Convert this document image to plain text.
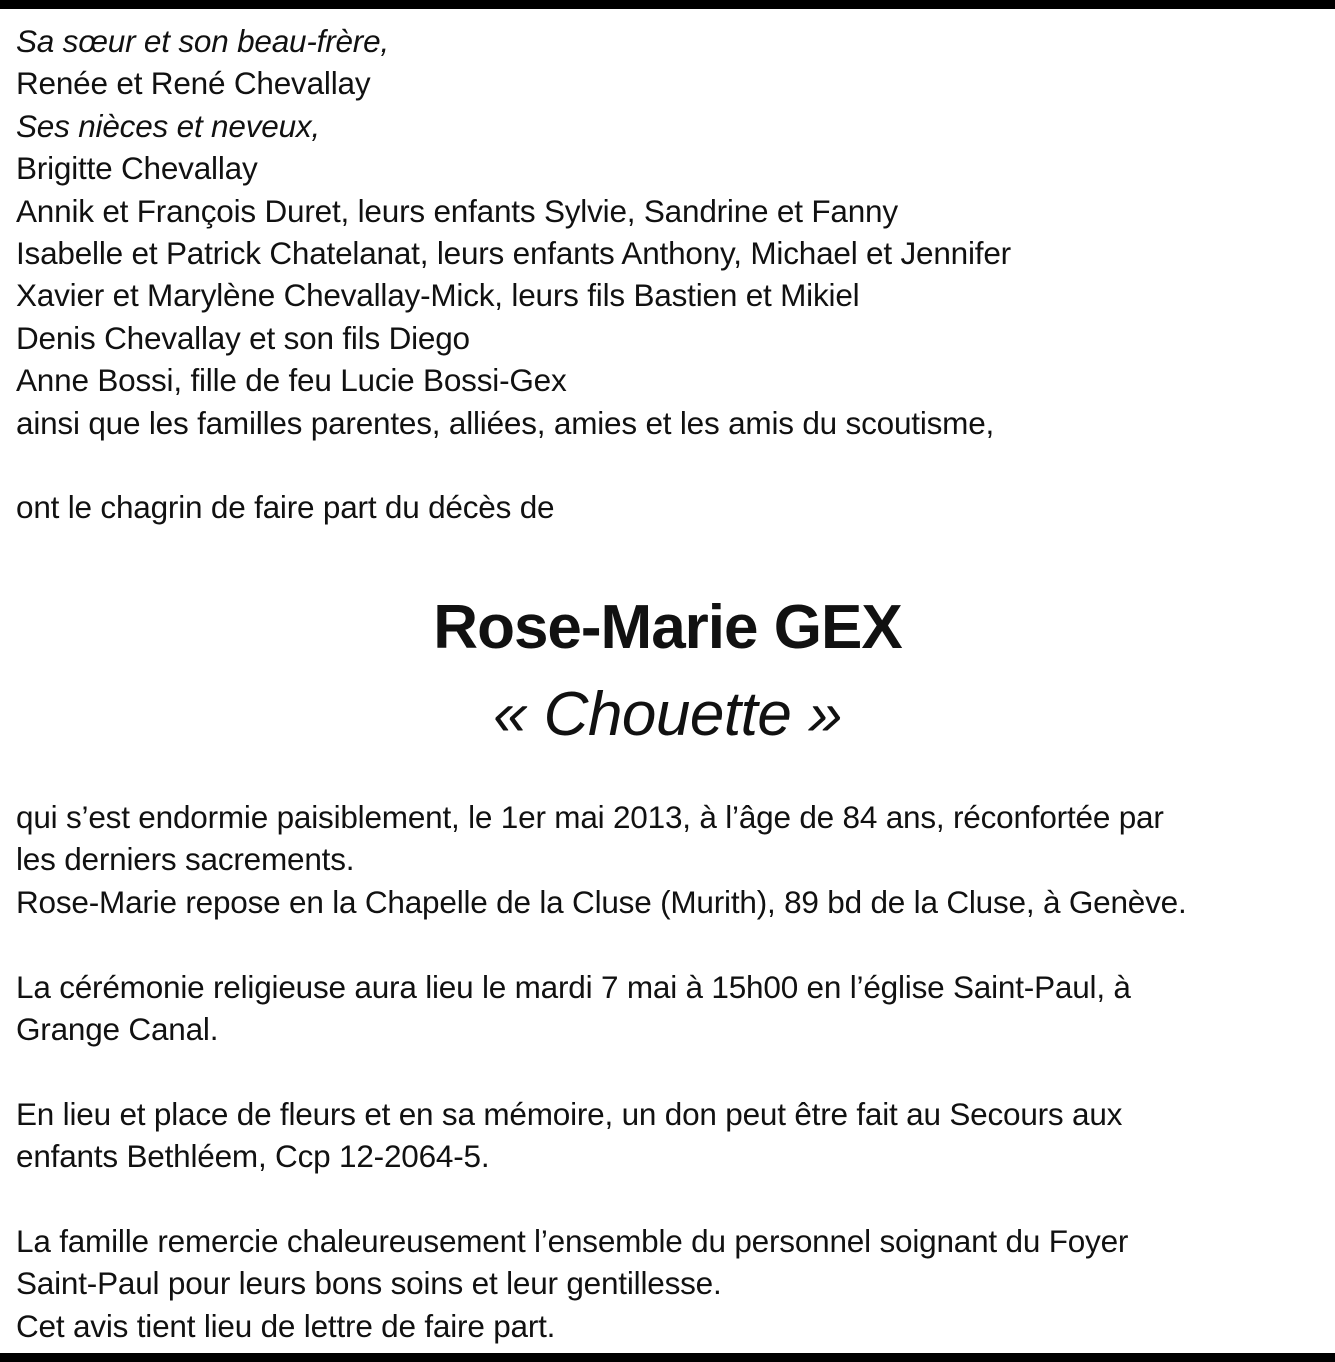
Sa sœur et son beau-frère,
Renée et René Chevallay
Ses nièces et neveux,
Brigitte Chevallay
Annik et François Duret, leurs enfants Sylvie, Sandrine et Fanny
Isabelle et Patrick Chatelanat, leurs enfants Anthony, Michael et Jennifer
Xavier et Marylène Chevallay-Mick, leurs fils Bastien et Mikiel
Denis Chevallay et son fils Diego
Anne Bossi, fille de feu Lucie Bossi-Gex
ainsi que les familles parentes, alliées, amies et les amis du scoutisme,
ont le chagrin de faire part du décès de
Rose-Marie GEX
« Chouette »
qui s’est endormie paisiblement, le 1er mai 2013, à l’âge de 84 ans, réconfortée par
les derniers sacrements.
Rose-Marie repose en la Chapelle de la Cluse (Murith), 89 bd de la Cluse, à Genève.
La cérémonie religieuse aura lieu le mardi 7 mai à 15h00 en l’église Saint-Paul, à
Grange Canal.
En lieu et place de fleurs et en sa mémoire, un don peut être fait au Secours aux
enfants Bethléem, Ccp 12-2064-5.
La famille remercie chaleureusement l’ensemble du personnel soignant du Foyer
Saint-Paul pour leurs bons soins et leur gentillesse.
Cet avis tient lieu de lettre de faire part.
